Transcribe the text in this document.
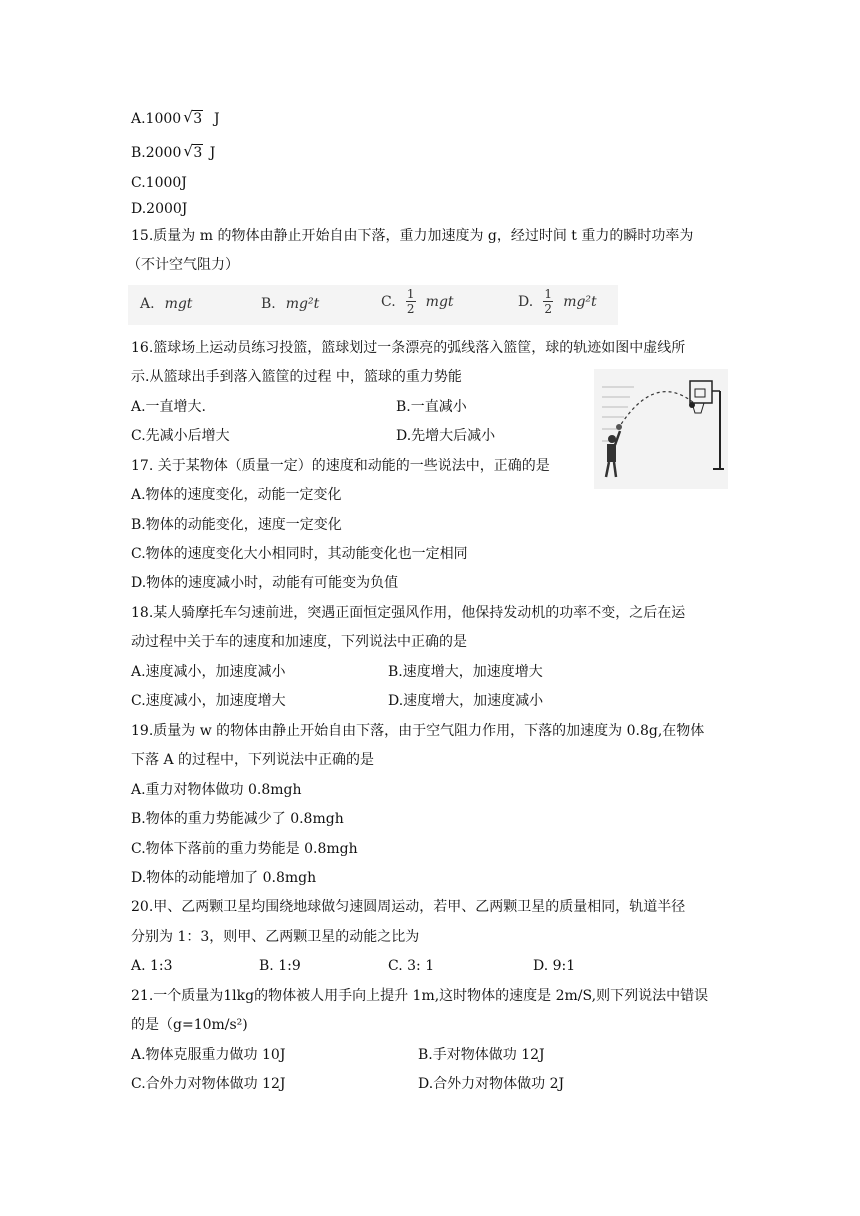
A.1000 √ 3 J
B.2000 √ 3 J
C.1000J
D.2000J
15.质量为 m 的物体由静止开始自由下落，重力加速度为 g，经过时间 t 重力的瞬时功率为
（不计空气阻力）
A. mgt	B. mg²t	C. $\frac{1}{2}$ mgt	D. $\frac{1}{2} mg^2t$
16.篮球场上运动员练习投篮，篮球划过一条漂亮的弧线落入篮筐，球的轨迹如图中虚线所
示.从篮球出手到落入篮筐的过程 中，篮球的重力势能
A.一直增大.	B.一直减小
C.先减小后增大	D.先增大后减小
17. 关于某物体（质量一定）的速度和动能的一些说法中，正确的是
A.物体的速度变化，动能一定变化
B.物体的动能变化，速度一定变化
C.物体的速度变化大小相同时，其动能变化也一定相同
D.物体的速度减小时，动能有可能变为负值
18.某人骑摩托车匀速前进，突遇正面恒定强风作用，他保持发动机的功率不变，之后在运
动过程中关于车的速度和加速度，下列说法中正确的是
A.速度减小，加速度减小	B.速度增大，加速度增大
C.速度减小，加速度增大	D.速度增大，加速度减小
19.质量为 w 的物体由静止开始自由下落，由于空气阻力作用，下落的加速度为 0.8g,在物体
下落 A 的过程中，下列说法中正确的是
A.重力对物体做功 0.8mgh
B.物体的重力势能减少了 0.8mgh
C.物体下落前的重力势能是 0.8mgh
D.物体的动能增加了 0.8mgh
20.甲、乙两颗卫星均围绕地球做匀速圆周运动，若甲、乙两颗卫星的质量相同，轨道半径
分别为 1：3，则甲、乙两颗卫星的动能之比为
A. 1:3	B. 1:9	C. 3: 1	D. 9:1
21.一个质量为1lkg的物体被人用手向上提升 1m,这时物体的速度是 2m/S,则下列说法中错误 · ·
的是（g=10m/s²)
A.物体克服重力做功 10J	B.手对物体做功 12J
C.合外力对物体做功 12J	D.合外力对物体做功 2J
